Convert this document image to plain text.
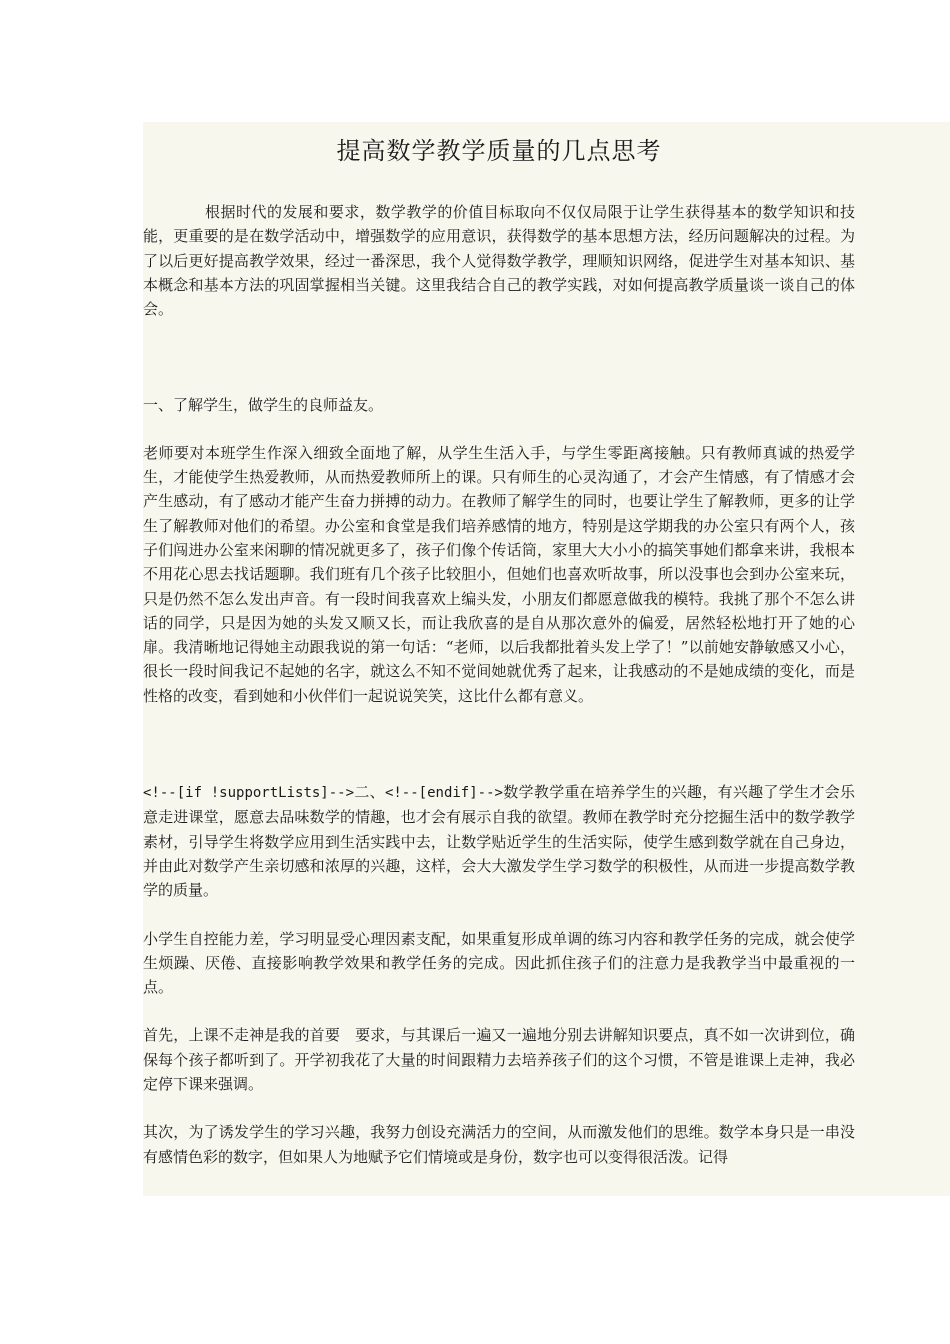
提高数学教学质量的几点思考

根据时代的发展和要求，数学教学的价值目标取向不仅仅局限于让学生获得基本的数学知识和技能，更重要的是在数学活动中，增强数学的应用意识，获得数学的基本思想方法，经历问题解决的过程。为了以后更好提高教学效果，经过一番深思，我个人觉得数学教学，理顺知识网络，促进学生对基本知识、基本概念和基本方法的巩固掌握相当关键。这里我结合自己的教学实践，对如何提高教学质量谈一谈自己的体会。

一、了解学生，做学生的良师益友。

老师要对本班学生作深入细致全面地了解，从学生生活入手，与学生零距离接触。只有教师真诚的热爱学生，才能使学生热爱教师，从而热爱教师所上的课。只有师生的心灵沟通了，才会产生情感，有了情感才会产生感动，有了感动才能产生奋力拼搏的动力。在教师了解学生的同时，也要让学生了解教师，更多的让学生了解教师对他们的希望。办公室和食堂是我们培养感情的地方，特别是这学期我的办公室只有两个人，孩子们闯进办公室来闲聊的情况就更多了，孩子们像个传话筒，家里大大小小的搞笑事她们都拿来讲，我根本不用花心思去找话题聊。我们班有几个孩子比较胆小，但她们也喜欢听故事，所以没事也会到办公室来玩，只是仍然不怎么发出声音。有一段时间我喜欢上编头发，小朋友们都愿意做我的模特。我挑了那个不怎么讲话的同学，只是因为她的头发又顺又长，而让我欣喜的是自从那次意外的偏爱，居然轻松地打开了她的心扉。我清晰地记得她主动跟我说的第一句话：“老师，以后我都批着头发上学了！”以前她安静敏感又小心，很长一段时间我记不起她的名字，就这么不知不觉间她就优秀了起来，让我感动的不是她成绩的变化，而是性格的改变，看到她和小伙伴们一起说说笑笑，这比什么都有意义。

<!--[if !supportLists]-->二、<!--[endif]-->数学教学重在培养学生的兴趣，有兴趣了学生才会乐意走进课堂，愿意去品味数学的情趣，也才会有展示自我的欲望。教师在教学时充分挖掘生活中的数学教学素材，引导学生将数学应用到生活实践中去，让数学贴近学生的生活实际，使学生感到数学就在自己身边，并由此对数学产生亲切感和浓厚的兴趣，这样，会大大激发学生学习数学的积极性，从而进一步提高数学教学的质量。

小学生自控能力差，学习明显受心理因素支配，如果重复形成单调的练习内容和教学任务的完成，就会使学生烦躁、厌倦、直接影响教学效果和教学任务的完成。因此抓住孩子们的注意力是我教学当中最重视的一点。

首先，上课不走神是我的首要　要求，与其课后一遍又一遍地分别去讲解知识要点，真不如一次讲到位，确保每个孩子都听到了。开学初我花了大量的时间跟精力去培养孩子们的这个习惯，不管是谁课上走神，我必定停下课来强调。

其次，为了诱发学生的学习兴趣，我努力创设充满活力的空间，从而激发他们的思维。数学本身只是一串没有感情色彩的数字，但如果人为地赋予它们情境或是身份，数字也可以变得很活泼。记得
